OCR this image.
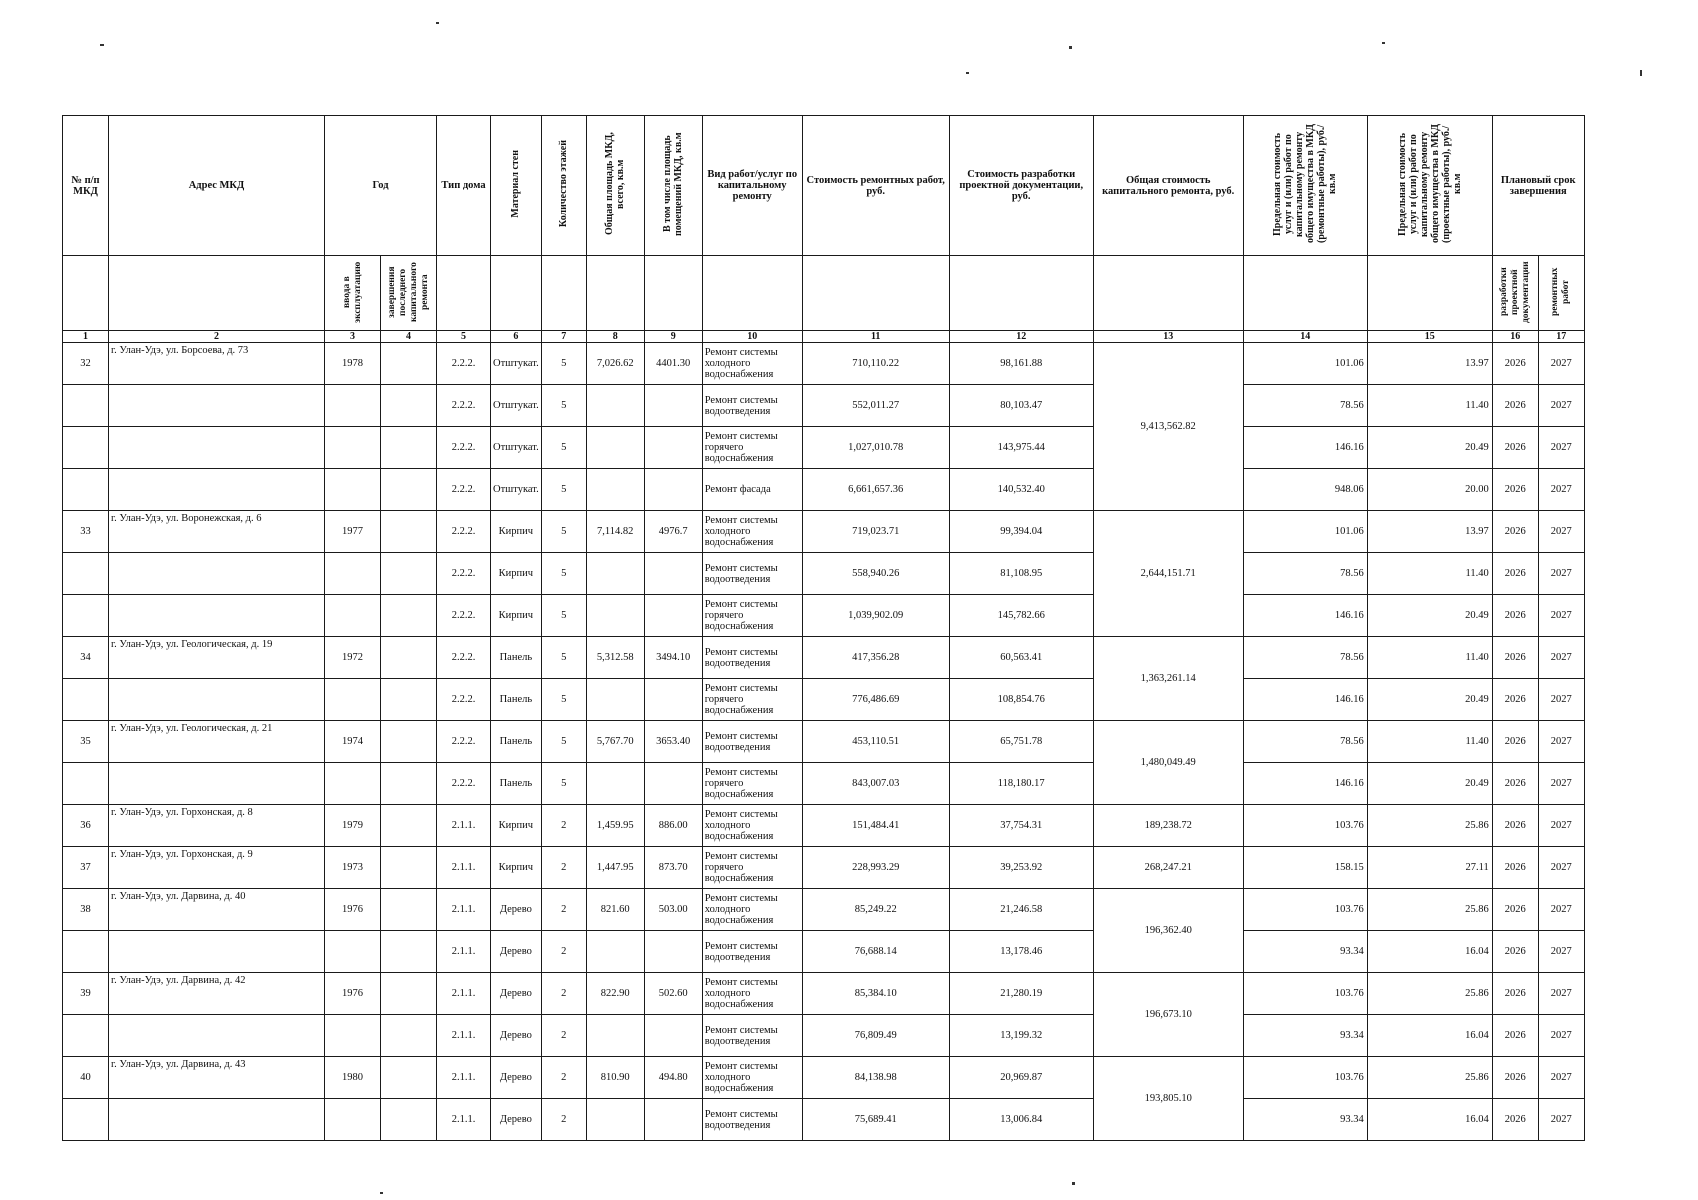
№ п/п МКД	Адрес МКД	Год		Тип дома	Материал стен	Количество этажей	Общая площадь МКД, всего, кв.м	В том числе площадь помещений МКД, кв.м	Вид работ/услуг по капитальному ремонту	Стоимость ремонтных работ, руб.	Стоимость разработки проектной документации, руб.	Общая стоимость капитального ремонта, руб.	Предельная стоимость услуг и (или) работ по капитальному ремонту общего имущества в МКД (ремонтные работы), руб./кв.м	Предельная стоимость услуг и (или) работ по капитальному ремонту общего имущества в МКД (проектные работы), руб./кв.м	Плановый срок завершения	
		ввода в эксплуатацию	завершения последнего капитального ремонта												разработки проектной документации	ремонтных работ
1	2	3	4	5	6	7	8	9	10	11	12	13	14	15	16	17
32	г. Улан-Удэ, ул. Борсоева, д. 73	1978		2.2.2.	Отштукат.	5	7,026.62	4401.30	Ремонт системы холодного водоснабжения	710,110.22	98,161.88	9,413,562.82	101.06	13.97	2026	2027
				2.2.2.	Отштукат.	5			Ремонт системы водоотведения	552,011.27	80,103.47		78.56	11.40	2026	2027
				2.2.2.	Отштукат.	5			Ремонт системы горячего водоснабжения	1,027,010.78	143,975.44		146.16	20.49	2026	2027
				2.2.2.	Отштукат.	5			Ремонт фасада	6,661,657.36	140,532.40		948.06	20.00	2026	2027
33	г. Улан-Удэ, ул. Воронежская, д. 6	1977		2.2.2.	Кирпич	5	7,114.82	4976.7	Ремонт системы холодного водоснабжения	719,023.71	99,394.04	2,644,151.71	101.06	13.97	2026	2027
				2.2.2.	Кирпич	5			Ремонт системы водоотведения	558,940.26	81,108.95		78.56	11.40	2026	2027
				2.2.2.	Кирпич	5			Ремонт системы горячего водоснабжения	1,039,902.09	145,782.66		146.16	20.49	2026	2027
34	г. Улан-Удэ, ул. Геологическая, д. 19	1972		2.2.2.	Панель	5	5,312.58	3494.10	Ремонт системы водоотведения	417,356.28	60,563.41	1,363,261.14	78.56	11.40	2026	2027
				2.2.2.	Панель	5			Ремонт системы горячего водоснабжения	776,486.69	108,854.76		146.16	20.49	2026	2027
35	г. Улан-Удэ, ул. Геологическая, д. 21	1974		2.2.2.	Панель	5	5,767.70	3653.40	Ремонт системы водоотведения	453,110.51	65,751.78	1,480,049.49	78.56	11.40	2026	2027
				2.2.2.	Панель	5			Ремонт системы горячего водоснабжения	843,007.03	118,180.17		146.16	20.49	2026	2027
36	г. Улан-Удэ, ул. Горхонская, д. 8	1979		2.1.1.	Кирпич	2	1,459.95	886.00	Ремонт системы холодного водоснабжения	151,484.41	37,754.31	189,238.72	103.76	25.86	2026	2027
37	г. Улан-Удэ, ул. Горхонская, д. 9	1973		2.1.1.	Кирпич	2	1,447.95	873.70	Ремонт системы горячего водоснабжения	228,993.29	39,253.92	268,247.21	158.15	27.11	2026	2027
38	г. Улан-Удэ, ул. Дарвина, д. 40	1976		2.1.1.	Дерево	2	821.60	503.00	Ремонт системы холодного водоснабжения	85,249.22	21,246.58	196,362.40	103.76	25.86	2026	2027
				2.1.1.	Дерево	2			Ремонт системы водоотведения	76,688.14	13,178.46		93.34	16.04	2026	2027
39	г. Улан-Удэ, ул. Дарвина, д. 42	1976		2.1.1.	Дерево	2	822.90	502.60	Ремонт системы холодного водоснабжения	85,384.10	21,280.19	196,673.10	103.76	25.86	2026	2027
				2.1.1.	Дерево	2			Ремонт системы водоотведения	76,809.49	13,199.32		93.34	16.04	2026	2027
40	г. Улан-Удэ, ул. Дарвина, д. 43	1980		2.1.1.	Дерево	2	810.90	494.80	Ремонт системы холодного водоснабжения	84,138.98	20,969.87	193,805.10	103.76	25.86	2026	2027
				2.1.1.	Дерево	2			Ремонт системы водоотведения	75,689.41	13,006.84		93.34	16.04	2026	2027
